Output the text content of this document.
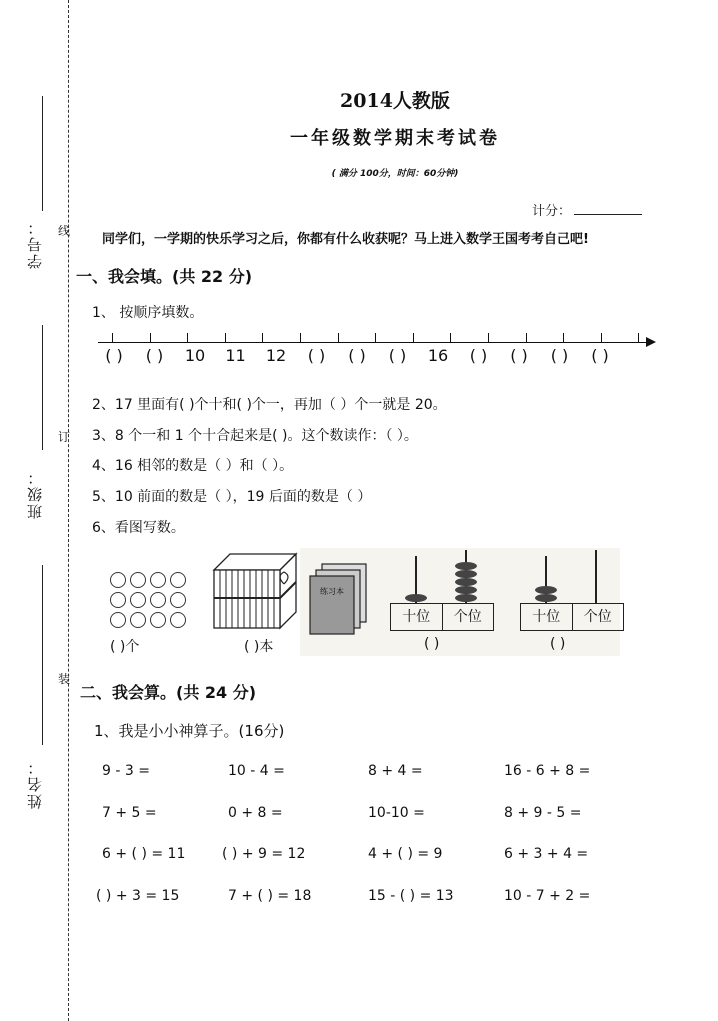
学号：
班级：
姓名：
线
订
装
2014人教版
一年级数学期末考试卷
( 满分 100分，时间：60分钟)
计分：
同学们，一学期的快乐学习之后，你都有什么收获呢？马上进入数学王国考考自己吧!
一、我会填。(共 22 分)
1、 按顺序填数。
( )	( )	10	11	12	( )	( )	( )	16	( )	( )	( )	( )
2、17 里面有( )个十和( )个一，再加（ ）个一就是 20。
3、8 个一和 1 个十合起来是( )。这个数读作：（ ）。
4、16 相邻的数是（ ）和（ ）。
5、10 前面的数是（ ），19 后面的数是（ ）
6、看图写数。
( )个
练习本
( )本
十位	个位
( )
十位	个位
( )
二、我会算。(共 24 分)
1、我是小小神算子。(16分)
9 - 3 =	10 - 4 =	8 + 4 =	16 - 6 + 8 =
7 + 5 =	0 + 8 =	10-10 =	8 + 9 - 5 =
6 + ( ) = 11	( ) + 9 = 12	4 + ( ) = 9	6 + 3 + 4 =
( ) + 3 = 15	7 + ( ) = 18	15 - ( ) = 13	10 - 7 + 2 =
